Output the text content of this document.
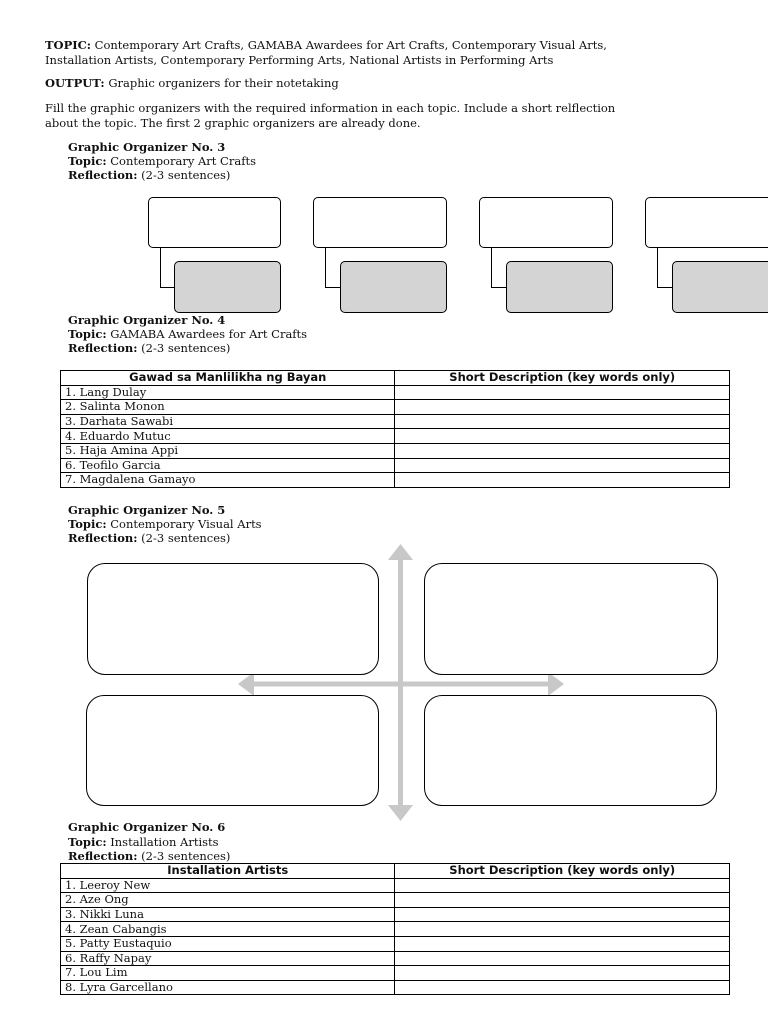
TOPIC: Contemporary Art Crafts, GAMABA Awardees for Art Crafts, Contemporary Visual Arts,
Installation Artists, Contemporary Performing Arts, National Artists in Performing Arts
OUTPUT: Graphic organizers for their notetaking
Fill the graphic organizers with the required information in each topic. Include a short relflection
about the topic. The first 2 graphic organizers are already done.
Graphic Organizer No. 3
Topic: Contemporary Art Crafts
Reflection: (2-3 sentences)
Graphic Organizer No. 4
Topic: GAMABA Awardees for Art Crafts
Reflection: (2-3 sentences)
Gawad sa Manlilikha ng Bayan	Short Description (key words only)
1. Lang Dulay	
2. Salinta Monon	
3. Darhata Sawabi	
4. Eduardo Mutuc	
5. Haja Amina Appi	
6. Teofilo Garcia	
7. Magdalena Gamayo	
Graphic Organizer No. 5
Topic: Contemporary Visual Arts
Reflection: (2-3 sentences)
Graphic Organizer No. 6
Topic: Installation Artists
Reflection: (2-3 sentences)
Installation Artists	Short Description (key words only)
1. Leeroy New	
2. Aze Ong	
3. Nikki Luna	
4. Zean Cabangis	
5. Patty Eustaquio	
6. Raffy Napay	
7. Lou Lim	
8. Lyra Garcellano	
